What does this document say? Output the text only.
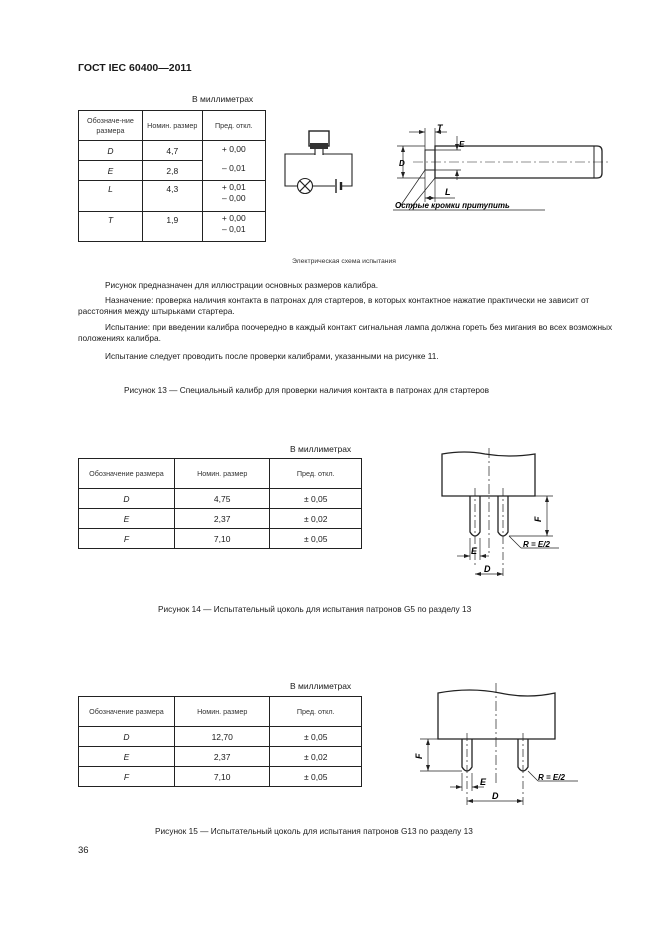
ГОСТ IEC 60400—2011
В миллиметрах
Обозначе-ние размера	Номин. размер	Пред. откл.
D	4,7	+ 0,00
– 0,01

E	2,8	
L	4,3	+ 0,01
– 0,00

T	1,9	+ 0,00
– 0,01
T
E
D
L
Острые кромки притупить
Электрическая схема испытания
Рисунок предназначен для иллюстрации основных размеров калибра.
Назначение: проверка наличия контакта в патронах для стартеров, в которых контактное нажатие практически не зависит от расстояния между штырьками стартера.
Испытание: при введении калибра поочередно в каждый контакт сигнальная лампа должна гореть без мигания во всех возможных положениях калибра.
Испытание следует проводить после проверки калибрами, указанными на рисунке 11.
Рисунок 13 — Специальный калибр для проверки наличия контакта в патронах для стартеров
В миллиметрах
Обозначение размера	Номин. размер	Пред. откл.
D	4,75	± 0,05
E	2,37	± 0,02
F	7,10	± 0,05
F
E
D
R = E/2
Рисунок 14 — Испытательный цоколь для испытания патронов G5 по разделу 13
В миллиметрах
Обозначение размера	Номин. размер	Пред. откл.
D	12,70	± 0,05
E	2,37	± 0,02
F	7,10	± 0,05
F
E
D
R = E/2
Рисунок 15 — Испытательный цоколь для испытания патронов G13 по разделу 13
36
